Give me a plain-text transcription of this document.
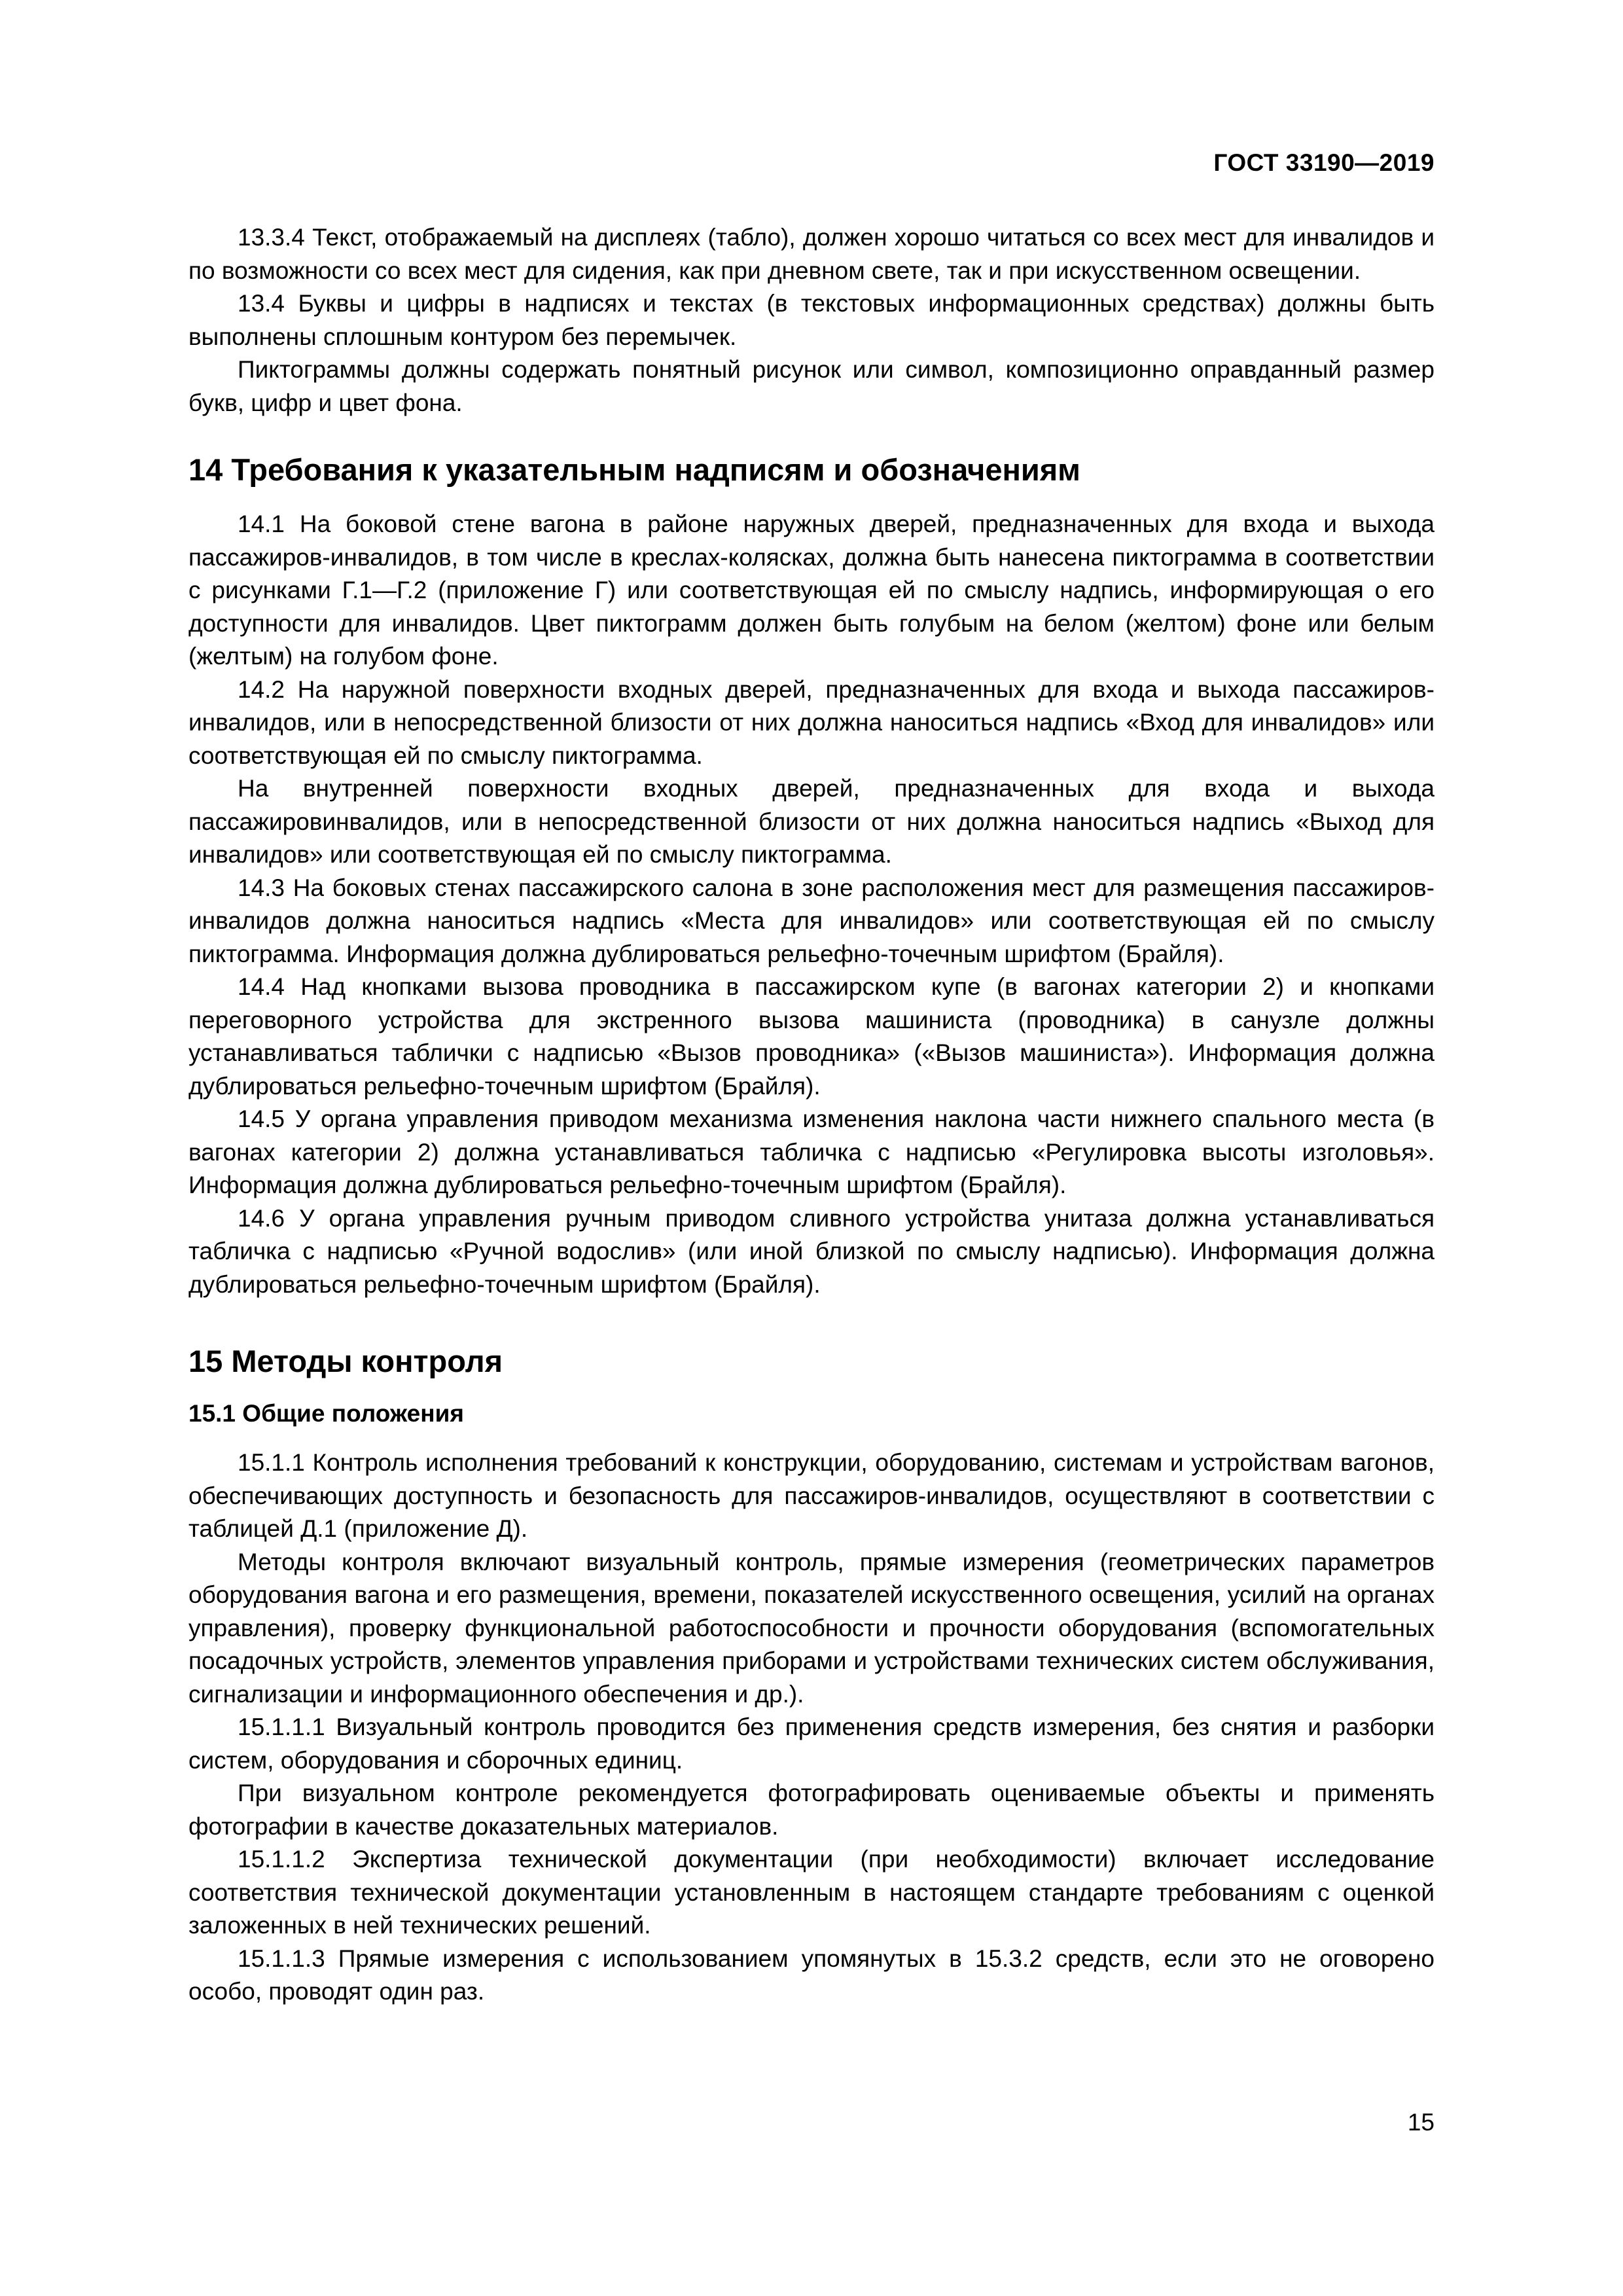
ГОСТ 33190—2019

13.3.4 Текст, отображаемый на дисплеях (табло), должен хорошо читаться со всех мест для инвалидов и по возможности со всех мест для сидения, как при дневном свете, так и при искусственном освещении.

13.4 Буквы и цифры в надписях и текстах (в текстовых информационных средствах) должны быть выполнены сплошным контуром без перемычек.

Пиктограммы должны содержать понятный рисунок или символ, композиционно оправданный размер букв, цифр и цвет фона.

14 Требования к указательным надписям и обозначениям

14.1 На боковой стене вагона в районе наружных дверей, предназначенных для входа и выхода пассажиров-инвалидов, в том числе в креслах-колясках, должна быть нанесена пиктограмма в соответствии с рисунками Г.1—Г.2 (приложение Г) или соответствующая ей по смыслу надпись, информирующая о его доступности для инвалидов. Цвет пиктограмм должен быть голубым на белом (желтом) фоне или белым (желтым) на голубом фоне.

14.2 На наружной поверхности входных дверей, предназначенных для входа и выхода пассажиров-инвалидов, или в непосредственной близости от них должна наноситься надпись «Вход для инвалидов» или соответствующая ей по смыслу пиктограмма.

На внутренней поверхности входных дверей, предназначенных для входа и выхода пассажировинвалидов, или в непосредственной близости от них должна наноситься надпись «Выход для инвалидов» или соответствующая ей по смыслу пиктограмма.

14.3 На боковых стенах пассажирского салона в зоне расположения мест для размещения пассажиров-инвалидов должна наноситься надпись «Места для инвалидов» или соответствующая ей по смыслу пиктограмма. Информация должна дублироваться рельефно-точечным шрифтом (Брайля).

14.4 Над кнопками вызова проводника в пассажирском купе (в вагонах категории 2) и кнопками переговорного устройства для экстренного вызова машиниста (проводника) в санузле должны устанавливаться таблички с надписью «Вызов проводника» («Вызов машиниста»). Информация должна дублироваться рельефно-точечным шрифтом (Брайля).

14.5 У органа управления приводом механизма изменения наклона части нижнего спального места (в вагонах категории 2) должна устанавливаться табличка с надписью «Регулировка высоты изголовья». Информация должна дублироваться рельефно-точечным шрифтом (Брайля).

14.6 У органа управления ручным приводом сливного устройства унитаза должна устанавливаться табличка с надписью «Ручной водослив» (или иной близкой по смыслу надписью). Информация должна дублироваться рельефно-точечным шрифтом (Брайля).

15 Методы контроля
15.1 Общие положения

15.1.1 Контроль исполнения требований к конструкции, оборудованию, системам и устройствам вагонов, обеспечивающих доступность и безопасность для пассажиров-инвалидов, осуществляют в соответствии с таблицей Д.1 (приложение Д).

Методы контроля включают визуальный контроль, прямые измерения (геометрических параметров оборудования вагона и его размещения, времени, показателей искусственного освещения, усилий на органах управления), проверку функциональной работоспособности и прочности оборудования (вспомогательных посадочных устройств, элементов управления приборами и устройствами технических систем обслуживания, сигнализации и информационного обеспечения и др.).

15.1.1.1 Визуальный контроль проводится без применения средств измерения, без снятия и разборки систем, оборудования и сборочных единиц.

При визуальном контроле рекомендуется фотографировать оцениваемые объекты и применять фотографии в качестве доказательных материалов.

15.1.1.2 Экспертиза технической документации (при необходимости) включает исследование соответствия технической документации установленным в настоящем стандарте требованиям с оценкой заложенных в ней технических решений.

15.1.1.3 Прямые измерения с использованием упомянутых в 15.3.2 средств, если это не оговорено особо, проводят один раз.

15
